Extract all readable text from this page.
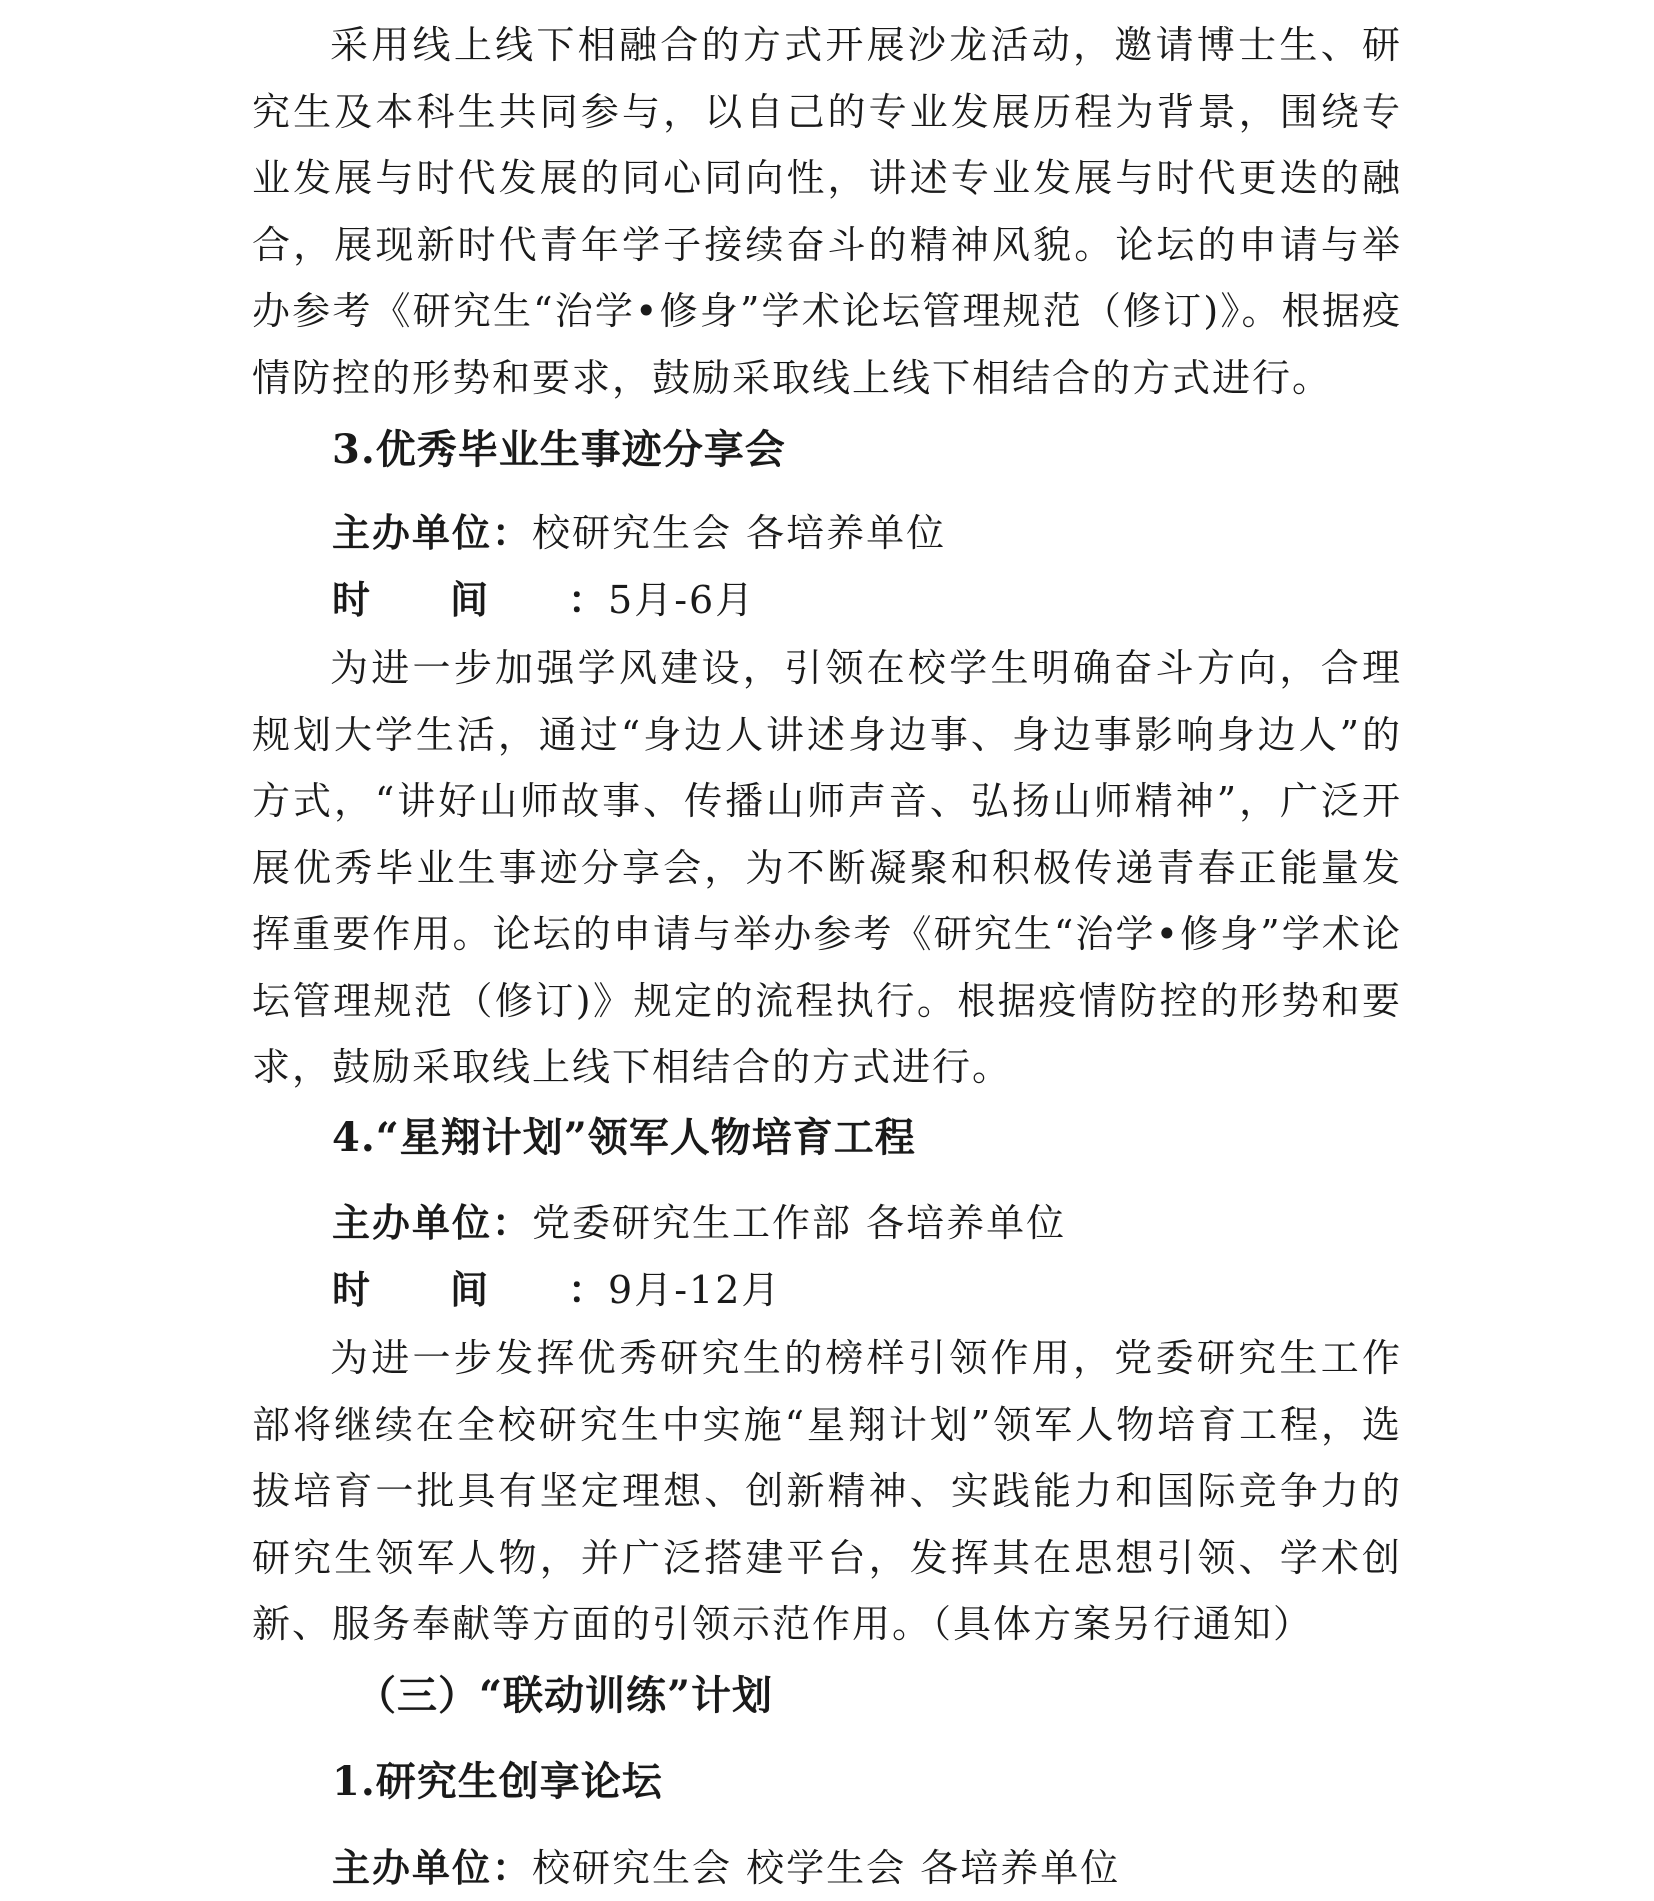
采用线上线下相融合的方式开展沙龙活动，邀请博士生、研究生及本科生共同参与，以自己的专业发展历程为背景，围绕专业发展与时代发展的同心同向性，讲述专业发展与时代更迭的融合，展现新时代青年学子接续奋斗的精神风貌。论坛的申请与举办参考《研究生“治学•修身”学术论坛管理规范（修订)》。根据疫情防控的形势和要求，鼓励采取线上线下相结合的方式进行。

3.优秀毕业生事迹分享会
主办单位：校研究生会 各培养单位
时间：5月-6月

为进一步加强学风建设，引领在校学生明确奋斗方向，合理规划大学生活，通过“身边人讲述身边事、身边事影响身边人”的方式，“讲好山师故事、传播山师声音、弘扬山师精神”，广泛开展优秀毕业生事迹分享会，为不断凝聚和积极传递青春正能量发挥重要作用。论坛的申请与举办参考《研究生“治学•修身”学术论坛管理规范（修订)》规定的流程执行。根据疫情防控的形势和要求，鼓励采取线上线下相结合的方式进行。

4.“星翔计划”领军人物培育工程
主办单位：党委研究生工作部 各培养单位
时间：9月-12月

为进一步发挥优秀研究生的榜样引领作用，党委研究生工作部将继续在全校研究生中实施“星翔计划”领军人物培育工程，选拔培育一批具有坚定理想、创新精神、实践能力和国际竞争力的研究生领军人物，并广泛搭建平台，发挥其在思想引领、学术创新、服务奉献等方面的引领示范作用。（具体方案另行通知）

（三）“联动训练”计划
1.研究生创享论坛
主办单位：校研究生会 校学生会 各培养单位
